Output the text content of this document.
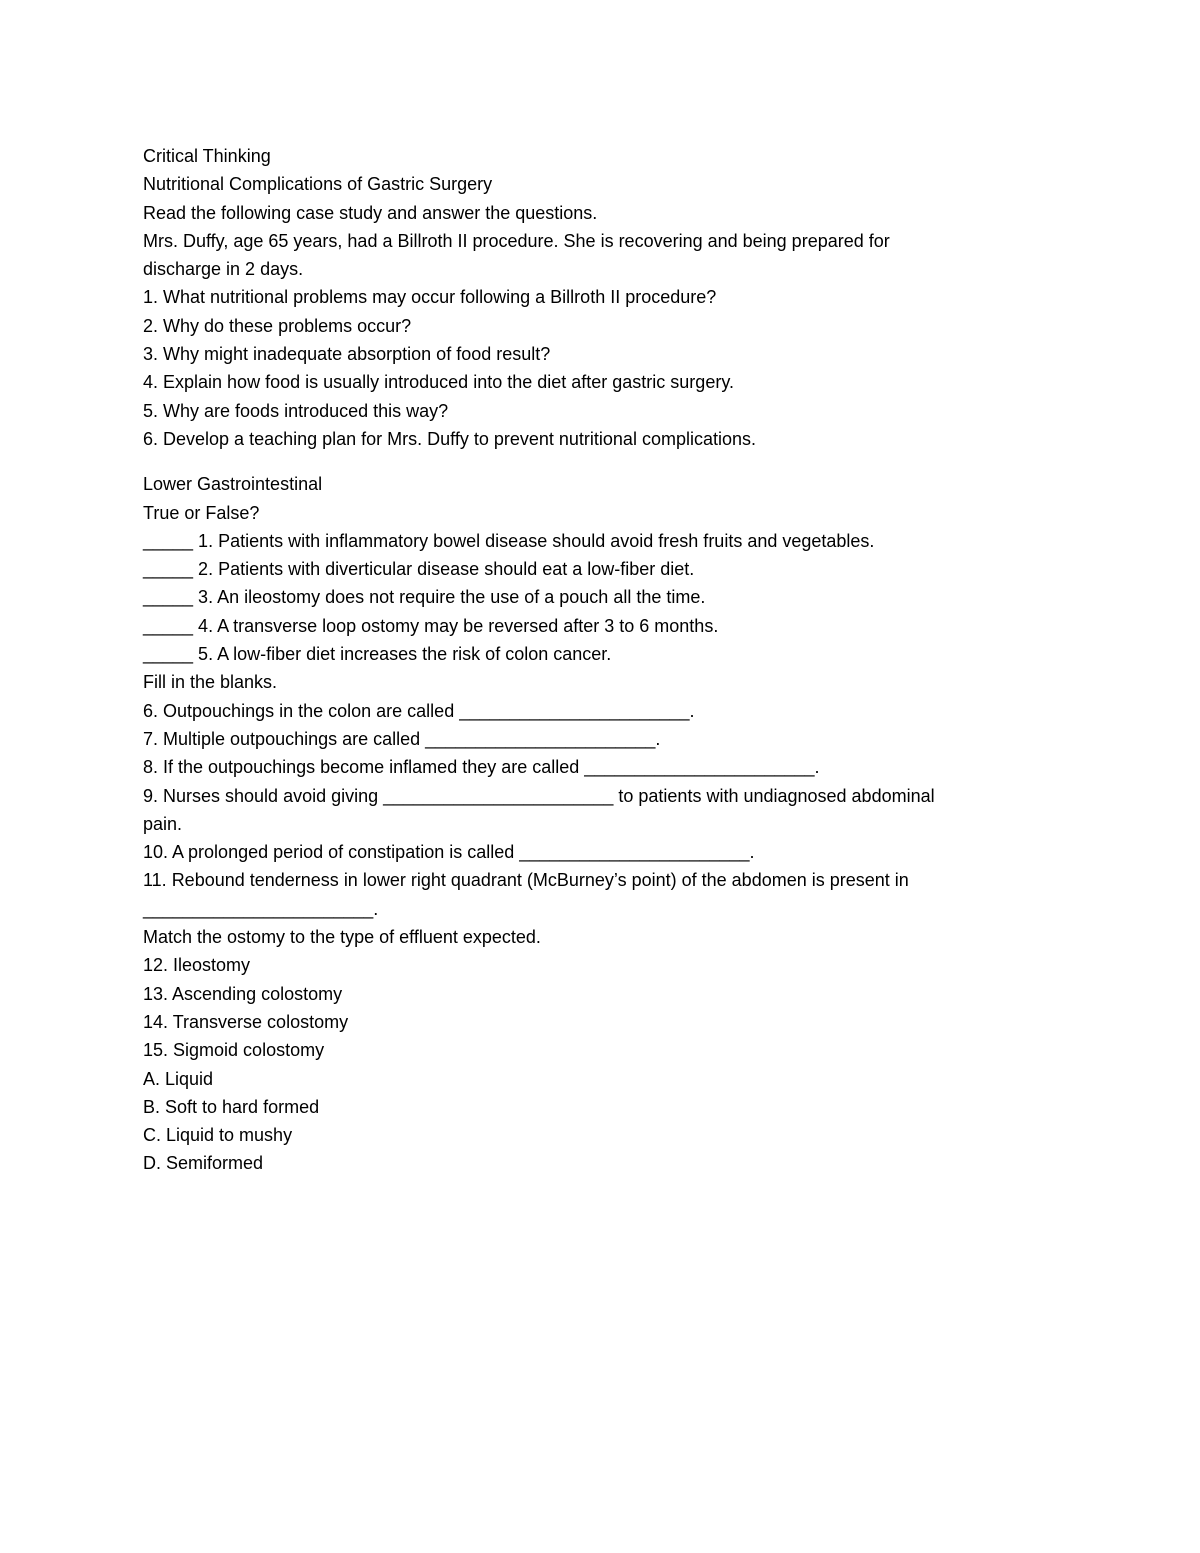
Critical Thinking

Nutritional Complications of Gastric Surgery

Read the following case study and answer the questions.

Mrs. Duffy, age 65 years, had a Billroth II procedure. She is recovering and being prepared for

discharge in 2 days.

1. What nutritional problems may occur following a Billroth II procedure?

2. Why do these problems occur?

3. Why might inadequate absorption of food result?

4. Explain how food is usually introduced into the diet after gastric surgery.

5. Why are foods introduced this way?

6. Develop a teaching plan for Mrs. Duffy to prevent nutritional complications.

Lower Gastrointestinal

True or False?

_____ 1. Patients with inflammatory bowel disease should avoid fresh fruits and vegetables.

_____ 2. Patients with diverticular disease should eat a low-fiber diet.

_____ 3. An ileostomy does not require the use of a pouch all the time.

_____ 4. A transverse loop ostomy may be reversed after 3 to 6 months.

_____ 5. A low-fiber diet increases the risk of colon cancer.

Fill in the blanks.

6. Outpouchings in the colon are called _______________________.

7. Multiple outpouchings are called _______________________.

8. If the outpouchings become inflamed they are called _______________________.

9. Nurses should avoid giving _______________________ to patients with undiagnosed abdominal

pain.

10. A prolonged period of constipation is called _______________________.

11. Rebound tenderness in lower right quadrant (McBurney’s point) of the abdomen is present in

_______________________.

Match the ostomy to the type of effluent expected.

12. Ileostomy

13. Ascending colostomy

14. Transverse colostomy

15. Sigmoid colostomy

A. Liquid

B. Soft to hard formed

C. Liquid to mushy

D. Semiformed
